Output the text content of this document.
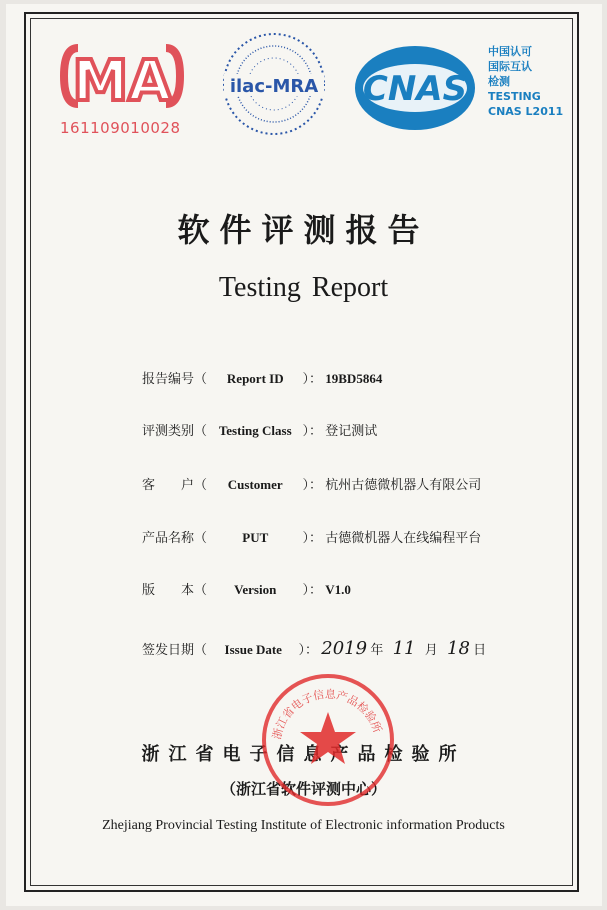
MA
161109010028
ilac-MRA CNAS
中国认可
国际互认
检测
TESTING
CNAS L2011
软件评测报告
Testing Report
报告编号（ Report ID ）： 19BD5864
评测类别（ Testing Class ）： 登记测试
客　　户（ Customer ）： 杭州古德微机器人有限公司
产品名称（	PUT	）： 古德微机器人在线编程平台
版　　本（ Version ）： V1.0
签发日期（ Issue Date ）： 2019 年 11 月 18 日
浙江省电子信息产品检验所
（浙江省软件评测中心）
Zhejiang Provincial Testing Institute of Electronic information Products
浙江省电子信息产品检验所
